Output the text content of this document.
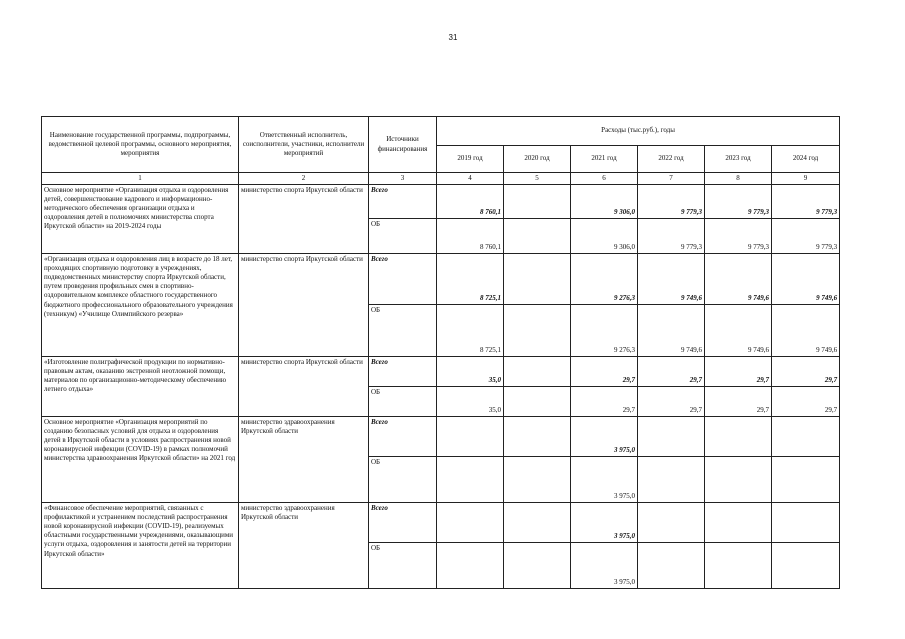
31
Наименование государственной программы, подпрограммы, ведомственной целевой программы, основного мероприятия, мероприятия	Ответственный исполнитель, соисполнители, участники, исполнители мероприятий	Источники финансирования	Расходы (тыс.руб.), годы					
			2019 год	2020 год	2021 год	2022 год	2023 год	2024 год
1	2	3	4	5	6	7	8	9
Основное мероприятие «Организация отдыха и оздоровления детей, совершенствование кадрового и информационно-методического обеспечения организации отдыха и оздоровления детей в полномочиях министерства спорта Иркутской области» на 2019-2024 годы	министерство спорта Иркутской области	Всего	8 760,1		9 306,0	9 779,3	9 779,3	9 779,3
		ОБ	8 760,1		9 306,0	9 779,3	9 779,3	9 779,3
«Организация отдыха и оздоровления лиц в возрасте до 18 лет, проходящих спортивную подготовку в учреждениях, подведомственных министерству спорта Иркутской области, путем проведения профильных смен в спортивно-оздоровительном комплексе областного государственного бюджетного профессионального образовательного учреждения (техникум) «Училище Олимпийского резерва»	министерство спорта Иркутской области	Всего	8 725,1		9 276,3	9 749,6	9 749,6	9 749,6
		ОБ	8 725,1		9 276,3	9 749,6	9 749,6	9 749,6
«Изготовление полиграфической продукции по нормативно-правовым актам, оказанию экстренной неотложной помощи, материалов по организационно-методическому обеспечению летнего отдыха»	министерство спорта Иркутской области	Всего	35,0		29,7	29,7	29,7	29,7
		ОБ	35,0		29,7	29,7	29,7	29,7
Основное мероприятие «Организация мероприятий по созданию безопасных условий для отдыха и оздоровления детей в Иркутской области в условиях распространения новой коронавирусной инфекции (COVID-19) в рамках полномочий министерства здравоохранения Иркутской области» на 2021 год	министерство здравоохранения Иркутской области	Всего			3 975,0			
		ОБ			3 975,0			
«Финансовое обеспечение мероприятий, связанных с профилактикой и устранением последствий распространения новой коронавирусной инфекции (COVID-19), реализуемых областными государственными учреждениями, оказывающими услуги отдыха, оздоровления и занятости детей на территории Иркутской области»	министерство здравоохранения Иркутской области	Всего			3 975,0			
		ОБ			3 975,0			
